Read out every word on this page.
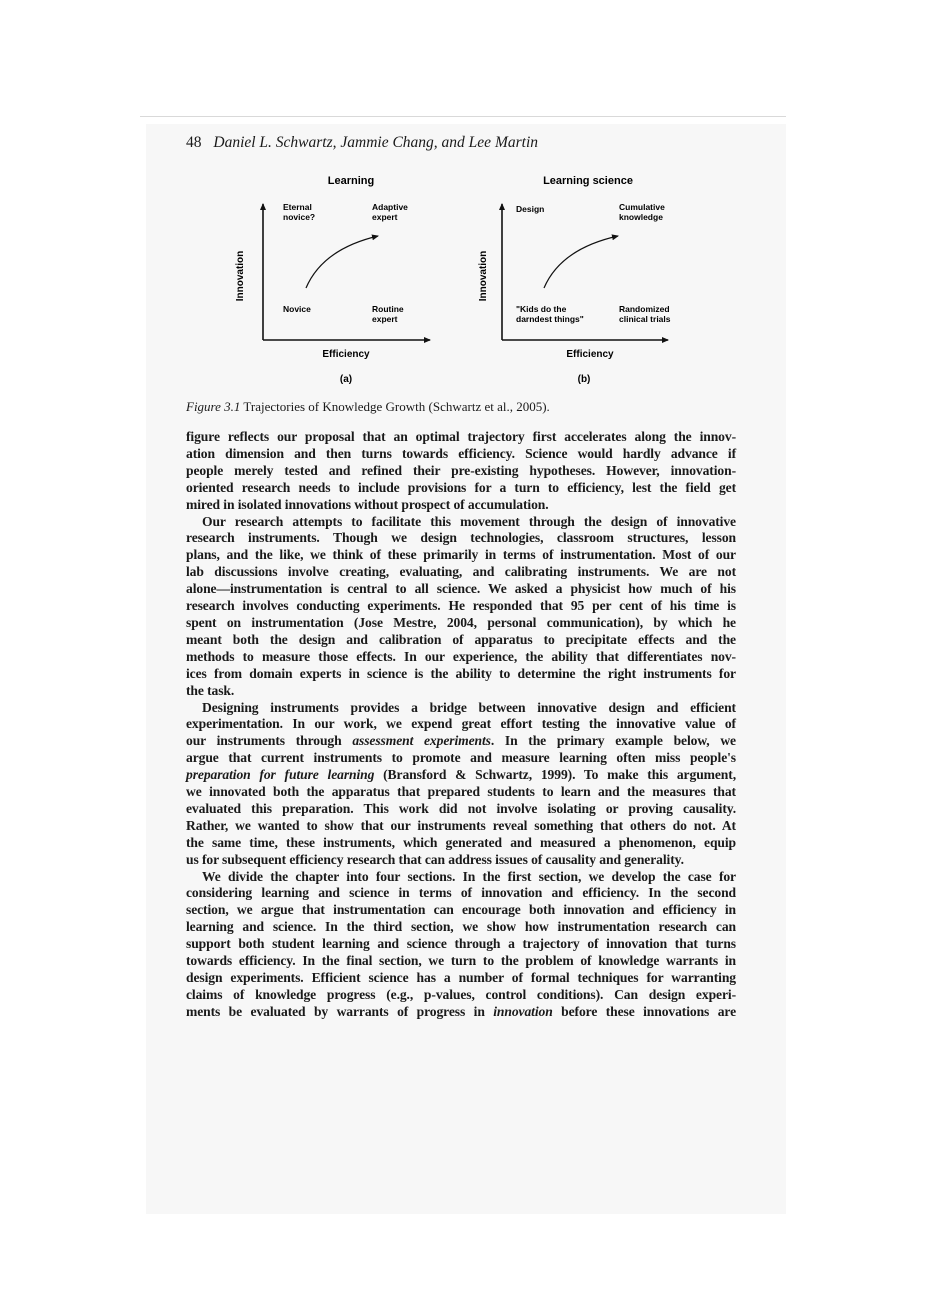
48 Daniel L. Schwartz, Jammie Chang, and Lee Martin
Learning
Innovation
Efficiency
(a)
Eternal
novice?
Adaptive
expert
Novice	Routine
expert
Learning science
Innovation
Efficiency
(b)
Design	Cumulative
knowledge
"Kids do the
darndest things"
Randomized
clinical trials
Figure 3.1 Trajectories of Knowledge Growth (Schwartz et al., 2005).

figure reflects our proposal that an optimal trajectory first accelerates along the innov-

ation dimension and then turns towards efficiency. Science would hardly advance if

people merely tested and refined their pre-existing hypotheses. However, innovation-

oriented research needs to include provisions for a turn to efficiency, lest the field get

mired in isolated innovations without prospect of accumulation.

Our research attempts to facilitate this movement through the design of innovative

research instruments. Though we design technologies, classroom structures, lesson

plans, and the like, we think of these primarily in terms of instrumentation. Most of our

lab discussions involve creating, evaluating, and calibrating instruments. We are not

alone—instrumentation is central to all science. We asked a physicist how much of his

research involves conducting experiments. He responded that 95 per cent of his time is

spent on instrumentation (Jose Mestre, 2004, personal communication), by which he

meant both the design and calibration of apparatus to precipitate effects and the

methods to measure those effects. In our experience, the ability that differentiates nov-

ices from domain experts in science is the ability to determine the right instruments for

the task.

Designing instruments provides a bridge between innovative design and efficient

experimentation. In our work, we expend great effort testing the innovative value of

our instruments through assessment experiments. In the primary example below, we

argue that current instruments to promote and measure learning often miss people's

preparation for future learning (Bransford & Schwartz, 1999). To make this argument,

we innovated both the apparatus that prepared students to learn and the measures that

evaluated this preparation. This work did not involve isolating or proving causality.

Rather, we wanted to show that our instruments reveal something that others do not. At

the same time, these instruments, which generated and measured a phenomenon, equip

us for subsequent efficiency research that can address issues of causality and generality.

We divide the chapter into four sections. In the first section, we develop the case for

considering learning and science in terms of innovation and efficiency. In the second

section, we argue that instrumentation can encourage both innovation and efficiency in

learning and science. In the third section, we show how instrumentation research can

support both student learning and science through a trajectory of innovation that turns

towards efficiency. In the final section, we turn to the problem of knowledge warrants in

design experiments. Efficient science has a number of formal techniques for warranting

claims of knowledge progress (e.g., p-values, control conditions). Can design experi-

ments be evaluated by warrants of progress in innovation before these innovations are
